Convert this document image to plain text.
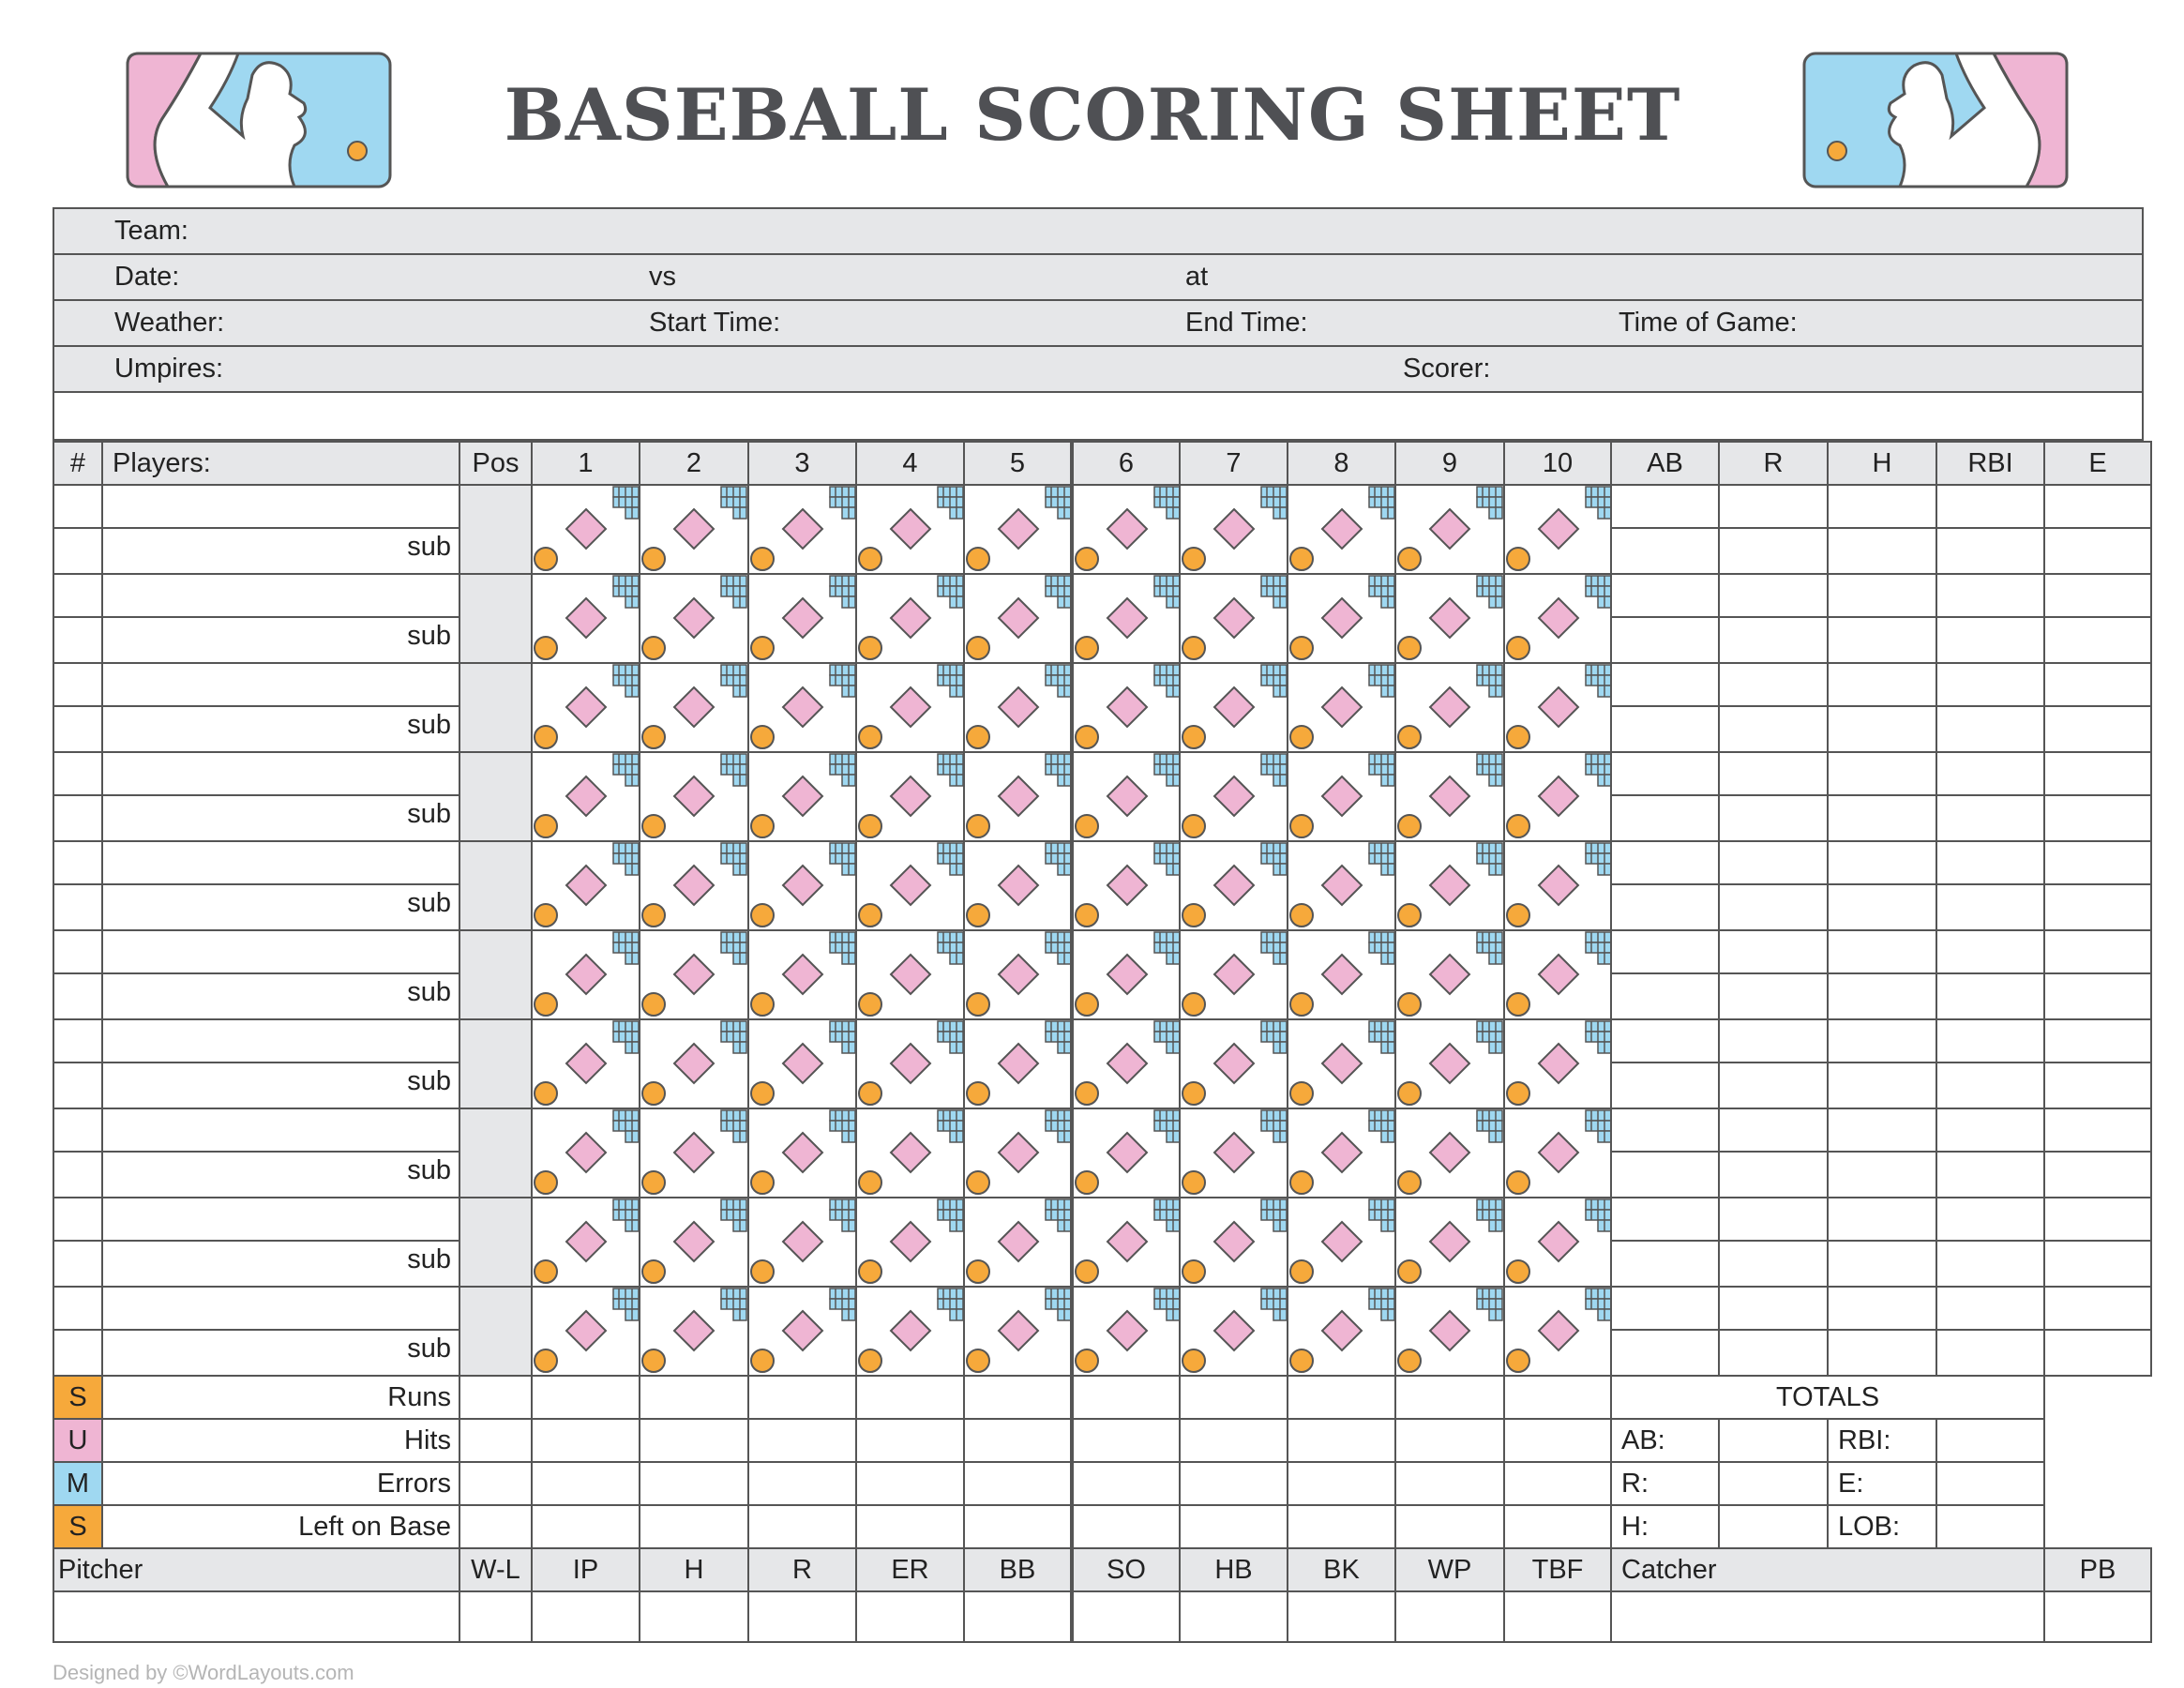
BASEBALL SCORING SHEET
Team:
Date:	vs	at
Weather:	Start Time:	End Time:	Time of Game:
Umpires:	Scorer:
#	Players:	Pos	1	2	3	4	5	6	7	8	9	10	AB	R	H	RBI	E

	sub																

	sub																

	sub																

	sub																

	sub																

	sub																

	sub																

	sub																

	sub																

	sub																
S	Runs												TOTALS				
U	Hits												AB:		RBI:		
M	Errors												R:		E:		
S	Left on Base												H:		LOB:		
Pitcher		W-L	IP	H	R	ER	BB	SO	HB	BK	WP	TBF	Catcher				PB

Designed by ©WordLayouts.com
